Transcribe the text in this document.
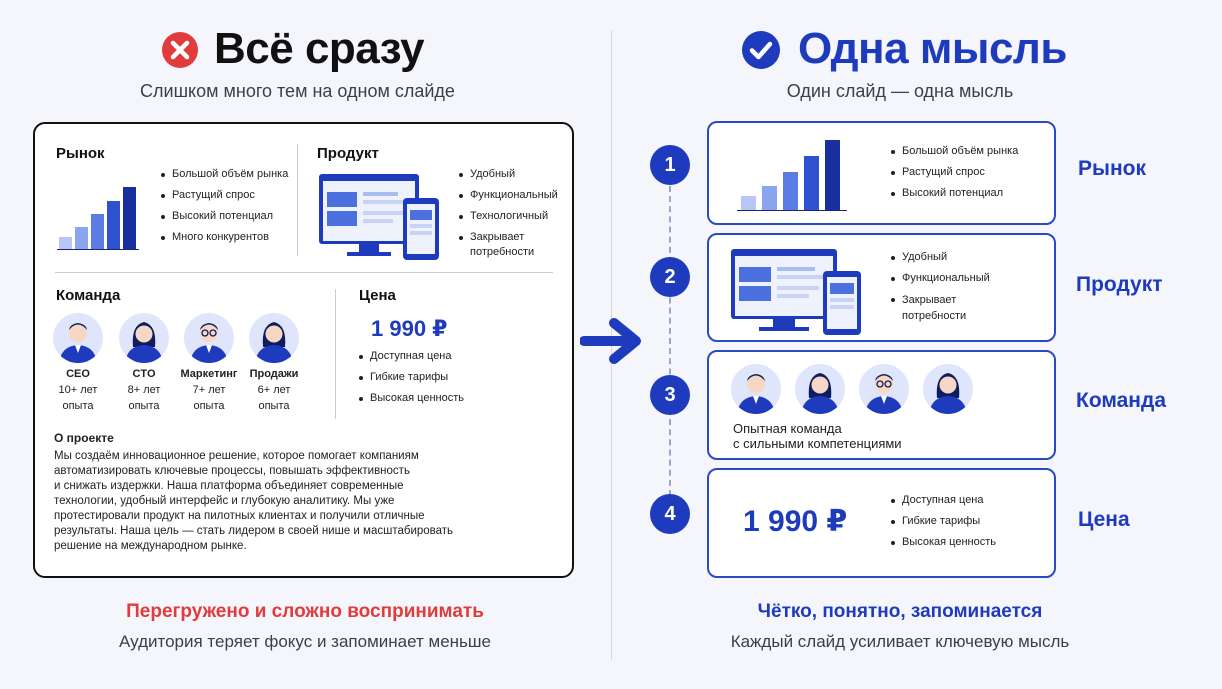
Всё сразу
Слишком много тем на одном слайде
Рынок
Большой объём рынка
Растущий спрос
Высокий потенциал
Много конкурентов
Продукт
Удобный
Функциональный
Технологичный
Закрывает потребности
Команда
CEO
10+ лет
опыта
CTO
8+ лет
опыта
Маркетинг
7+ лет
опыта
Продажи
6+ лет
опыта
Цена
1 990 ₽
Доступная цена
Гибкие тарифы
Высокая ценность
О проекте
Мы создаём инновационное решение, которое помогает компаниям
автоматизировать ключевые процессы, повышать эффективность
и снижать издержки. Наша платформа объединяет современные
технологии, удобный интерфейс и глубокую аналитику. Мы уже
протестировали продукт на пилотных клиентах и получили отличные
результаты. Наша цель — стать лидером в своей нише и масштабировать
решение на международном рынке.
Перегружено и сложно воспринимать
Аудитория теряет фокус и запоминает меньше
Одна мысль
Один слайд — одна мысль
1
2
3
4
Большой объём рынка
Растущий спрос
Высокий потенциал
Рынок
Удобный
Функциональный
Закрывает потребности
Продукт
Опытная команда
с сильными компетенциями
Команда
1 990 ₽
Доступная цена
Гибкие тарифы
Высокая ценность
Цена
Чётко, понятно, запоминается
Каждый слайд усиливает ключевую мысль
